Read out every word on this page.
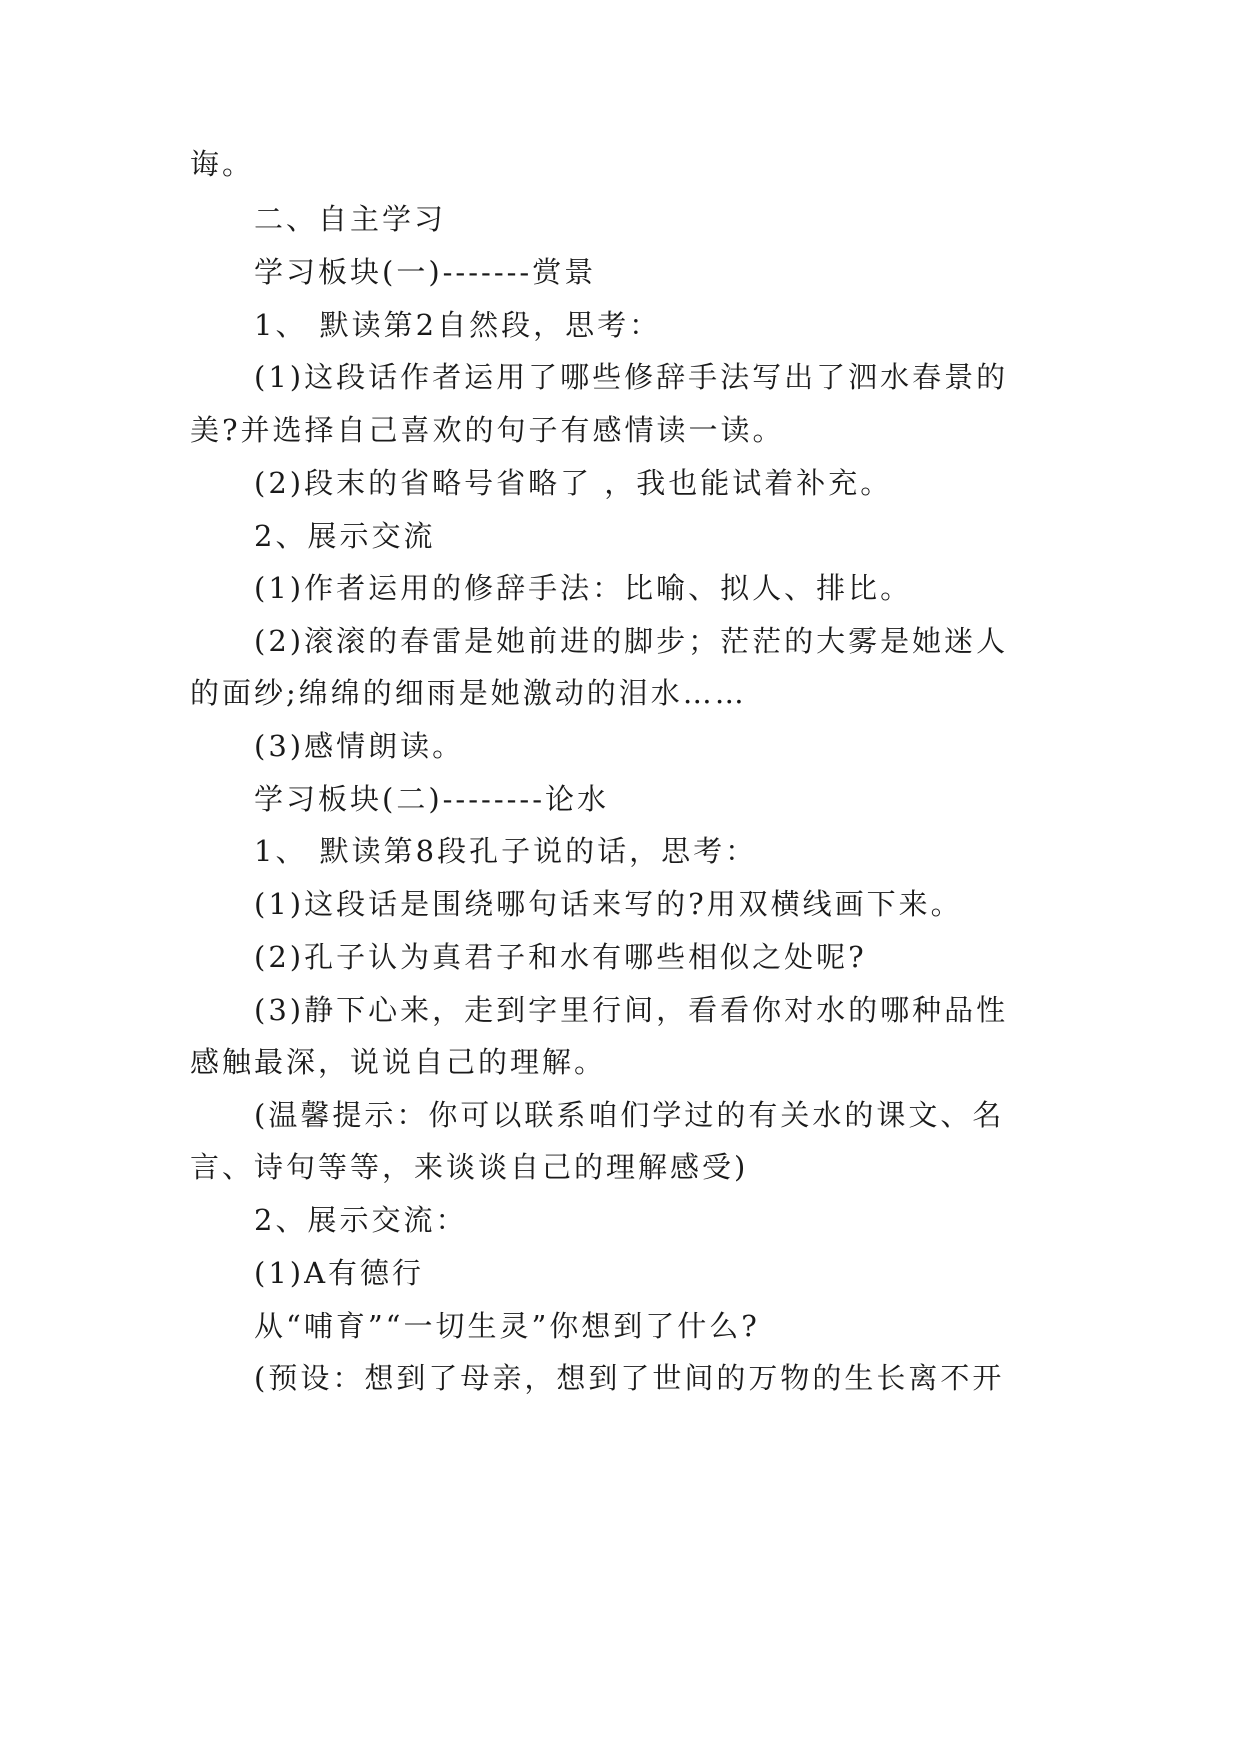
诲。
二、自主学习
学习板块(一)-------赏景
1、 默读第2自然段，思考：
(1)这段话作者运用了哪些修辞手法写出了泗水春景的
美?并选择自己喜欢的句子有感情读一读。
(2)段末的省略号省略了 ，我也能试着补充。
2、展示交流
(1)作者运用的修辞手法：比喻、拟人、排比。
(2)滚滚的春雷是她前进的脚步；茫茫的大雾是她迷人
的面纱;绵绵的细雨是她激动的泪水……
(3)感情朗读。
学习板块(二)--------论水
1、 默读第8段孔子说的话，思考：
(1)这段话是围绕哪句话来写的?用双横线画下来。
(2)孔子认为真君子和水有哪些相似之处呢?
(3)静下心来，走到字里行间，看看你对水的哪种品性
感触最深，说说自己的理解。
(温馨提示：你可以联系咱们学过的有关水的课文、名
言、诗句等等，来谈谈自己的理解感受)
2、展示交流：
(1)A有德行
从“哺育”“一切生灵”你想到了什么?
(预设：想到了母亲，想到了世间的万物的生长离不开
